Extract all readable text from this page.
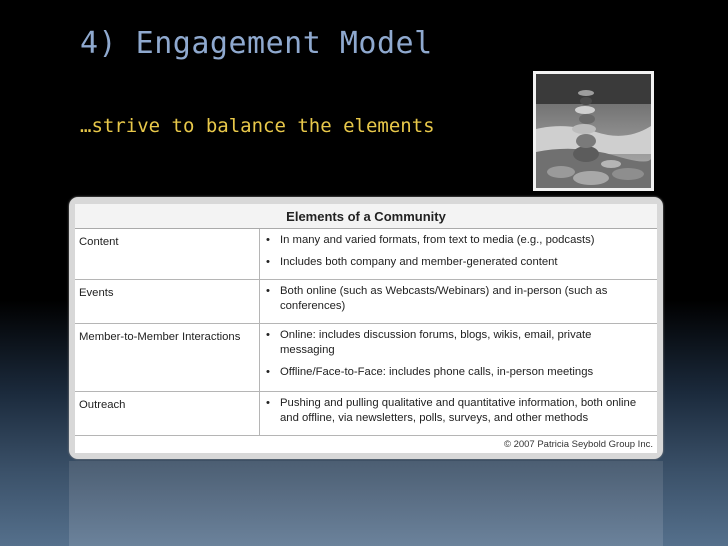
4) Engagement Model
…strive to balance the elements
Elements of a Community	
Content	• In many and varied formats, from text to media (e.g., podcasts)
• Includes both company and member-generated content

Events	• Both online (such as Webcasts/Webinars) and in-person (such as conferences)

Member-to-Member Interactions	• Online: includes discussion forums, blogs, wikis, email, private messaging
• Offline/Face-to-Face: includes phone calls, in-person meetings

Outreach	• Pushing and pulling qualitative and quantitative information, both online and offline, via newsletters, polls, surveys, and other methods
© 2007 Patricia Seybold Group Inc.
